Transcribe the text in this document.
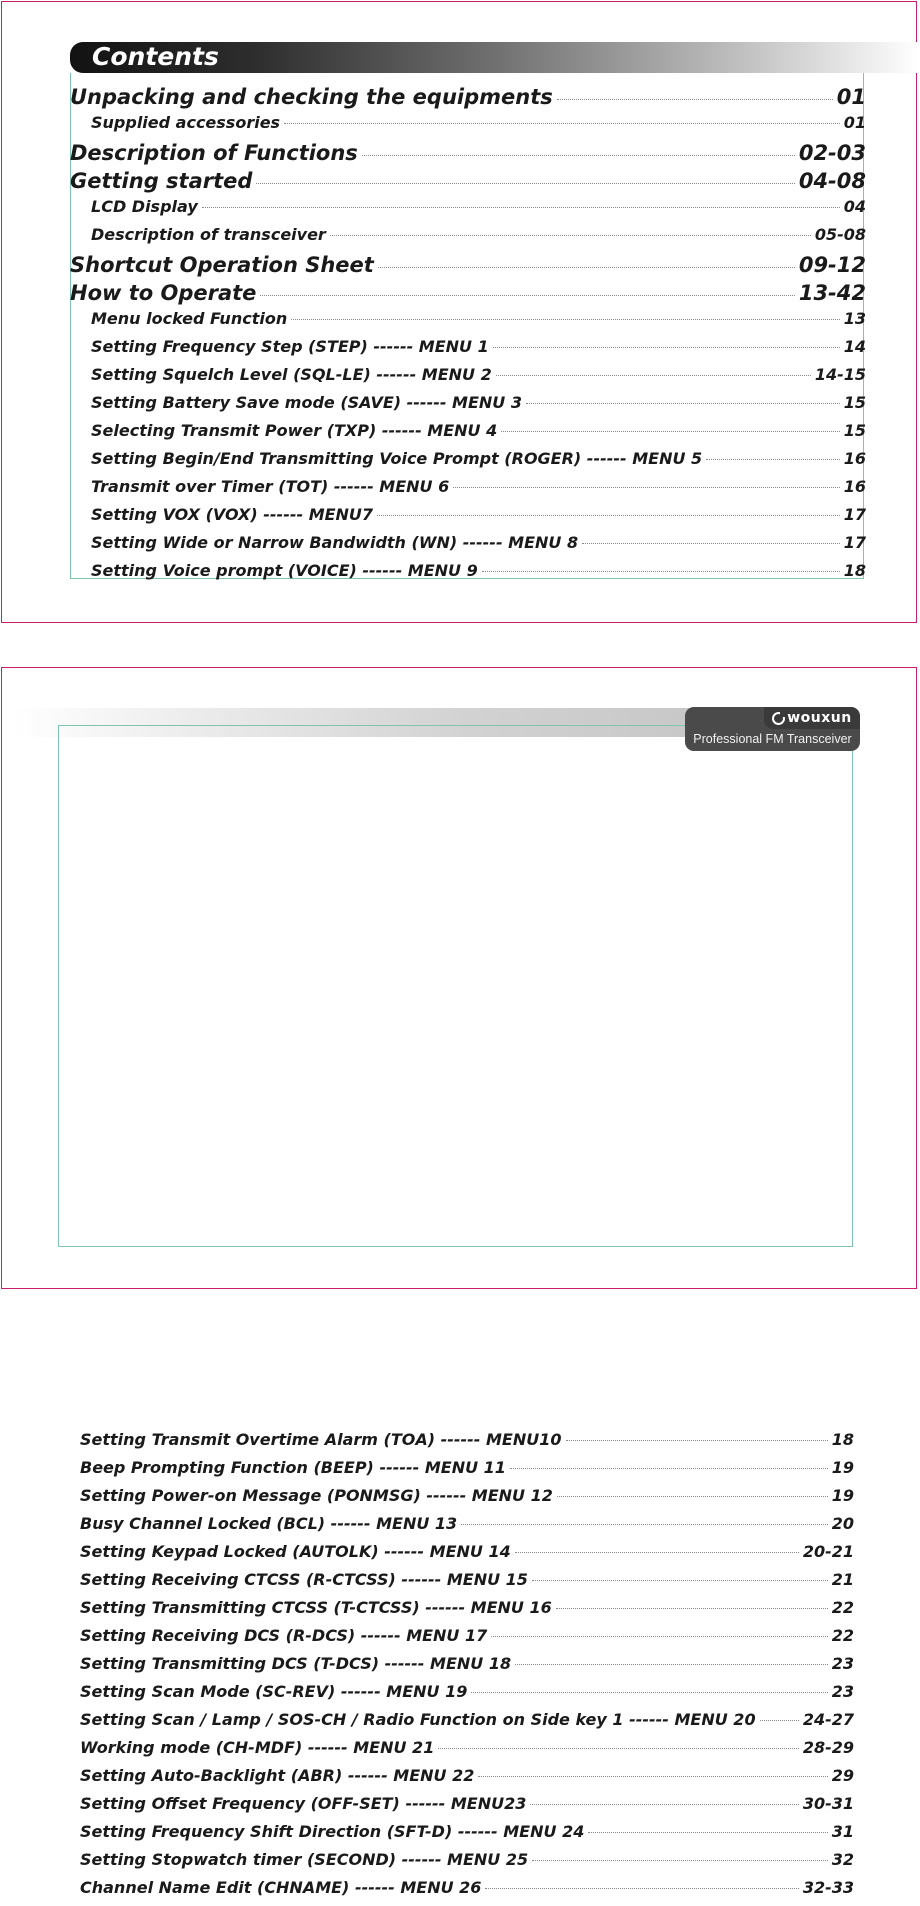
Contents
Unpacking and checking the equipments	01
Supplied accessories	01
Description of Functions	02-03
Getting started	04-08
LCD Display	04
Description of transceiver	05-08
Shortcut Operation Sheet	09-12
How to Operate	13-42
Menu locked Function	13
Setting Frequency Step (STEP) ------ MENU 1	14
Setting Squelch Level (SQL-LE) ------ MENU 2	14-15
Setting Battery Save mode (SAVE) ------ MENU 3	15
Selecting Transmit Power (TXP) ------ MENU 4	15
Setting Begin/End Transmitting Voice Prompt (ROGER) ------ MENU 5	16
Transmit over Timer (TOT) ------ MENU 6	16
Setting VOX (VOX) ------ MENU7	17
Setting Wide or Narrow Bandwidth (WN) ------ MENU 8	17
Setting Voice prompt (VOICE) ------ MENU 9	18
wouxun
Professional FM Transceiver
Setting Transmit Overtime Alarm (TOA) ------ MENU10	18
Beep Prompting Function (BEEP) ------ MENU 11	19
Setting Power-on Message (PONMSG) ------ MENU 12	19
Busy Channel Locked (BCL) ------ MENU 13	20
Setting Keypad Locked (AUTOLK) ------ MENU 14	20-21
Setting Receiving CTCSS (R-CTCSS) ------ MENU 15	21
Setting Transmitting CTCSS (T-CTCSS) ------ MENU 16	22
Setting Receiving DCS (R-DCS) ------ MENU 17	22
Setting Transmitting DCS (T-DCS) ------ MENU 18	23
Setting Scan Mode (SC-REV) ------ MENU 19	23
Setting Scan / Lamp / SOS-CH / Radio Function on Side key 1 ------ MENU 20	24-27
Working mode (CH-MDF) ------ MENU 21	28-29
Setting Auto-Backlight (ABR) ------ MENU 22	29
Setting Offset Frequency (OFF-SET) ------ MENU23	30-31
Setting Frequency Shift Direction (SFT-D) ------ MENU 24	31
Setting Stopwatch timer (SECOND) ------ MENU 25	32
Channel Name Edit (CHNAME) ------ MENU 26	32-33
